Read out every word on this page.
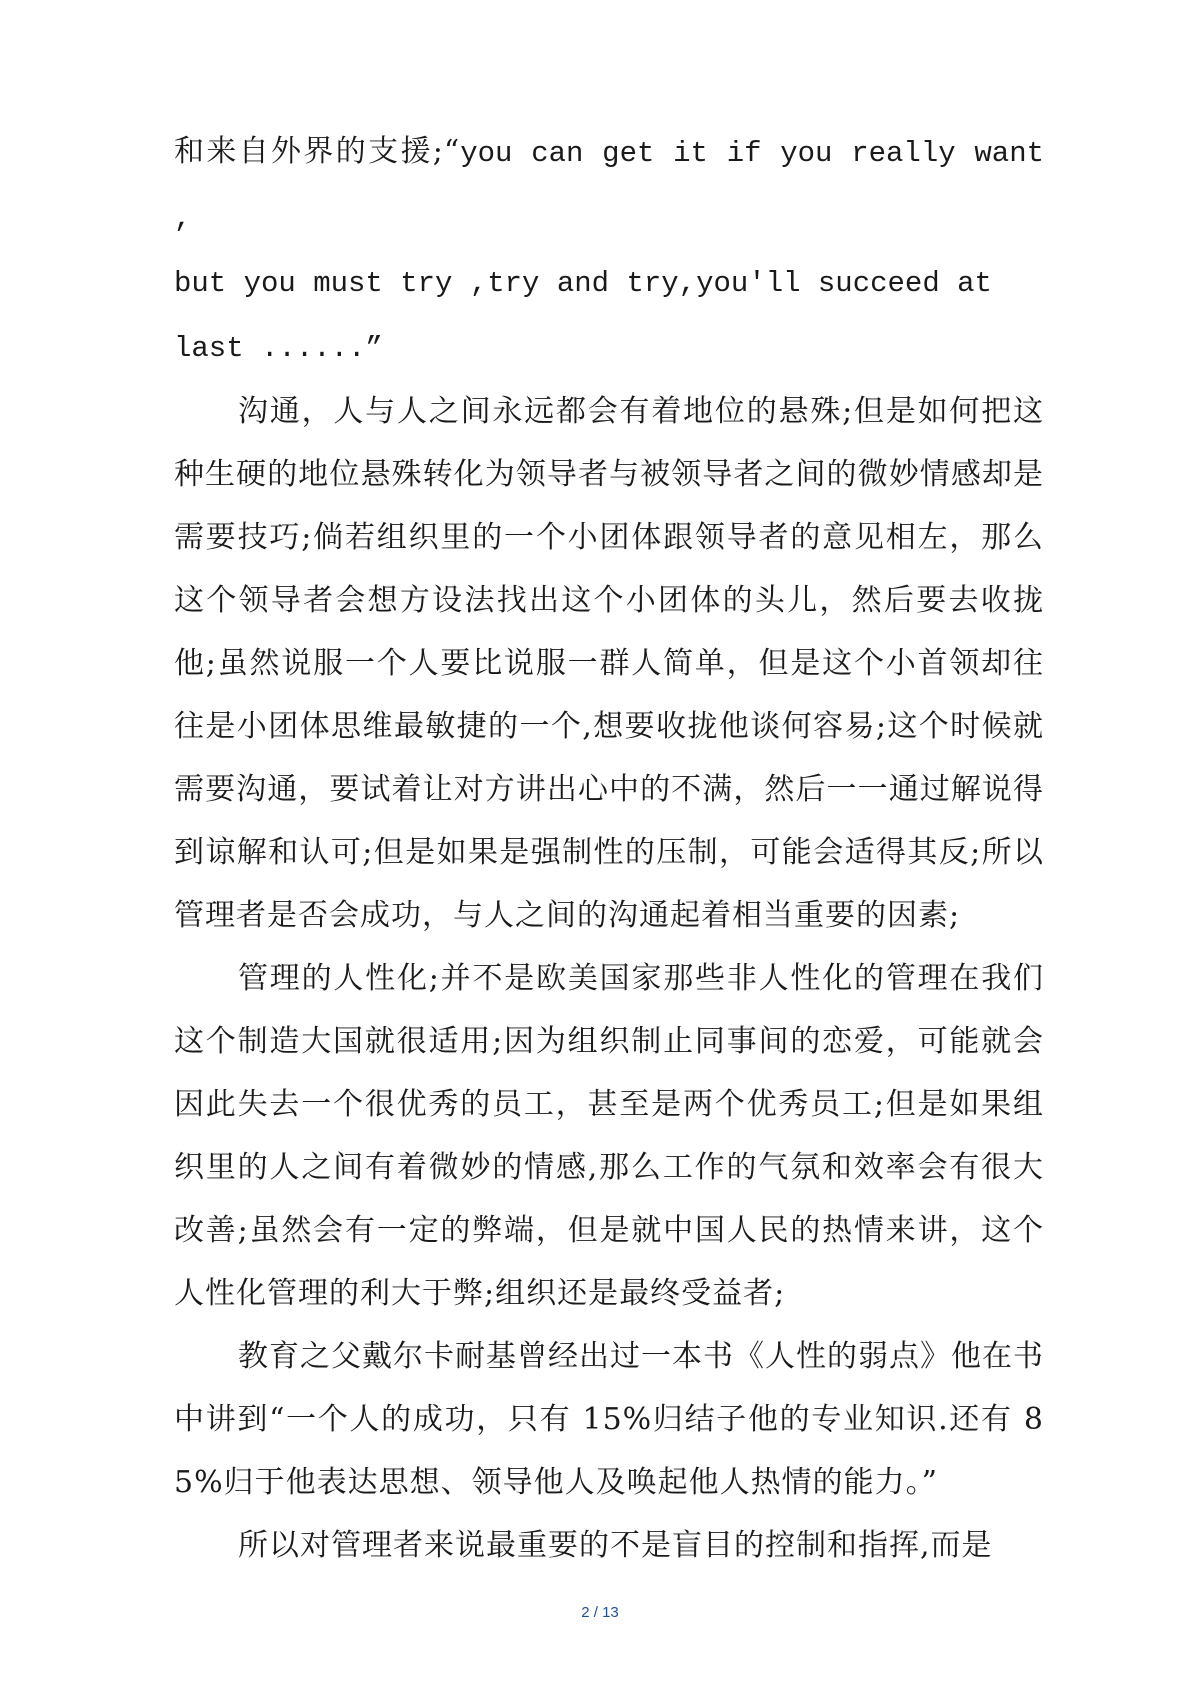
和来自外界的支援;“you can get it if you really want ,
but you must try ,try and try,you'll succeed at
last ......”

沟通，人与人之间永远都会有着地位的悬殊;但是如何把这种生硬的地位悬殊转化为领导者与被领导者之间的微妙情感却是需要技巧;倘若组织里的一个小团体跟领导者的意见相左，那么这个领导者会想方设法找出这个小团体的头儿，然后要去收拢他;虽然说服一个人要比说服一群人简单，但是这个小首领却往往是小团体思维最敏捷的一个,想要收拢他谈何容易;这个时候就需要沟通，要试着让对方讲出心中的不满，然后一一通过解说得到谅解和认可;但是如果是强制性的压制，可能会适得其反;所以管理者是否会成功，与人之间的沟通起着相当重要的因素;

管理的人性化;并不是欧美国家那些非人性化的管理在我们这个制造大国就很适用;因为组织制止同事间的恋爱，可能就会因此失去一个很优秀的员工，甚至是两个优秀员工;但是如果组织里的人之间有着微妙的情感,那么工作的气氛和效率会有很大改善;虽然会有一定的弊端，但是就中国人民的热情来讲，这个人性化管理的利大于弊;组织还是最终受益者;

教育之父戴尔卡耐基曾经出过一本书《人性的弱点》他在书中讲到“一个人的成功，只有 15%归结子他的专业知识.还有 85%归于他表达思想、领导他人及唤起他人热情的能力。”

所以对管理者来说最重要的不是盲目的控制和指挥,而是

2 / 13
